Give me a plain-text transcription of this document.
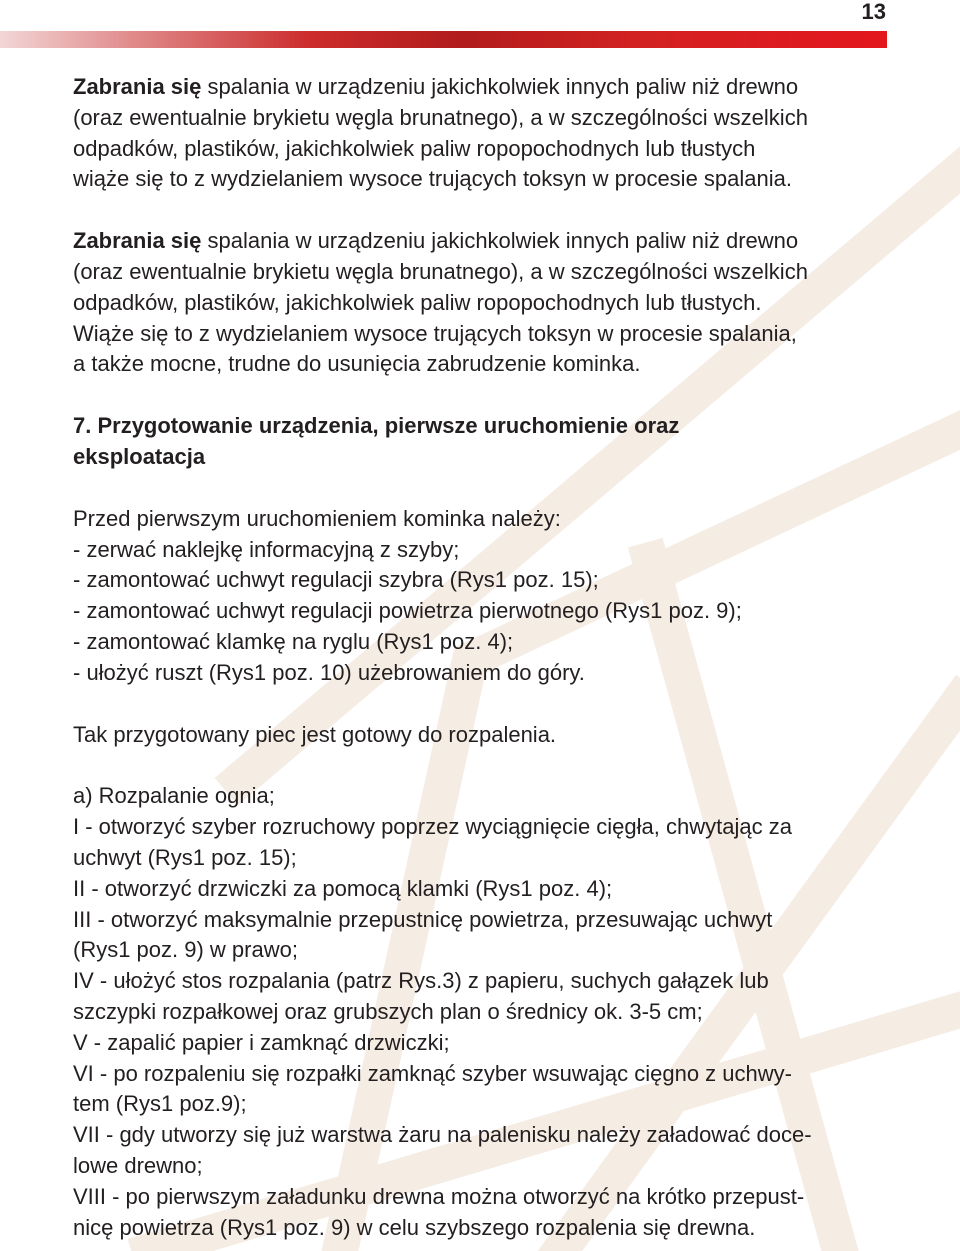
13
Zabrania się spalania w urządzeniu jakichkolwiek innych paliw niż drewno
(oraz ewentualnie brykietu węgla brunatnego), a w szczególności wszelkich
odpadków, plastików, jakichkolwiek paliw ropopochodnych lub tłustych
wiąże się to z wydzielaniem wysoce trujących toksyn w procesie spalania.
Zabrania się spalania w urządzeniu jakichkolwiek innych paliw niż drewno
(oraz ewentualnie brykietu węgla brunatnego), a w szczególności wszelkich
odpadków, plastików, jakichkolwiek paliw ropopochodnych lub tłustych.
Wiąże się to z wydzielaniem wysoce trujących toksyn w procesie spalania,
a także mocne, trudne do usunięcia zabrudzenie kominka.
7. Przygotowanie urządzenia, pierwsze uruchomienie oraz
eksploatacja
Przed pierwszym uruchomieniem kominka należy:
- zerwać naklejkę informacyjną z szyby;
- zamontować uchwyt regulacji szybra (Rys1 poz. 15);
- zamontować uchwyt regulacji powietrza pierwotnego (Rys1 poz. 9);
- zamontować klamkę na ryglu (Rys1 poz. 4);
- ułożyć ruszt (Rys1 poz. 10) użebrowaniem do góry.
Tak przygotowany piec jest gotowy do rozpalenia.
a) Rozpalanie ognia;
I - otworzyć szyber rozruchowy poprzez wyciągnięcie cięgła, chwytając za
uchwyt (Rys1 poz. 15);
II - otworzyć drzwiczki za pomocą klamki (Rys1 poz. 4);
III - otworzyć maksymalnie przepustnicę powietrza, przesuwając uchwyt
(Rys1 poz. 9) w prawo;
IV - ułożyć stos rozpalania (patrz Rys.3) z papieru, suchych gałązek lub
szczypki rozpałkowej oraz grubszych plan o średnicy ok. 3-5 cm;
V - zapalić papier i zamknąć drzwiczki;
VI - po rozpaleniu się rozpałki zamknąć szyber wsuwając cięgno z uchwy-
tem (Rys1 poz.9);
VII - gdy utworzy się już warstwa żaru na palenisku należy załadować doce-
lowe drewno;
VIII - po pierwszym załadunku drewna można otworzyć na krótko przepust-
nicę powietrza (Rys1 poz. 9) w celu szybszego rozpalenia się drewna.
